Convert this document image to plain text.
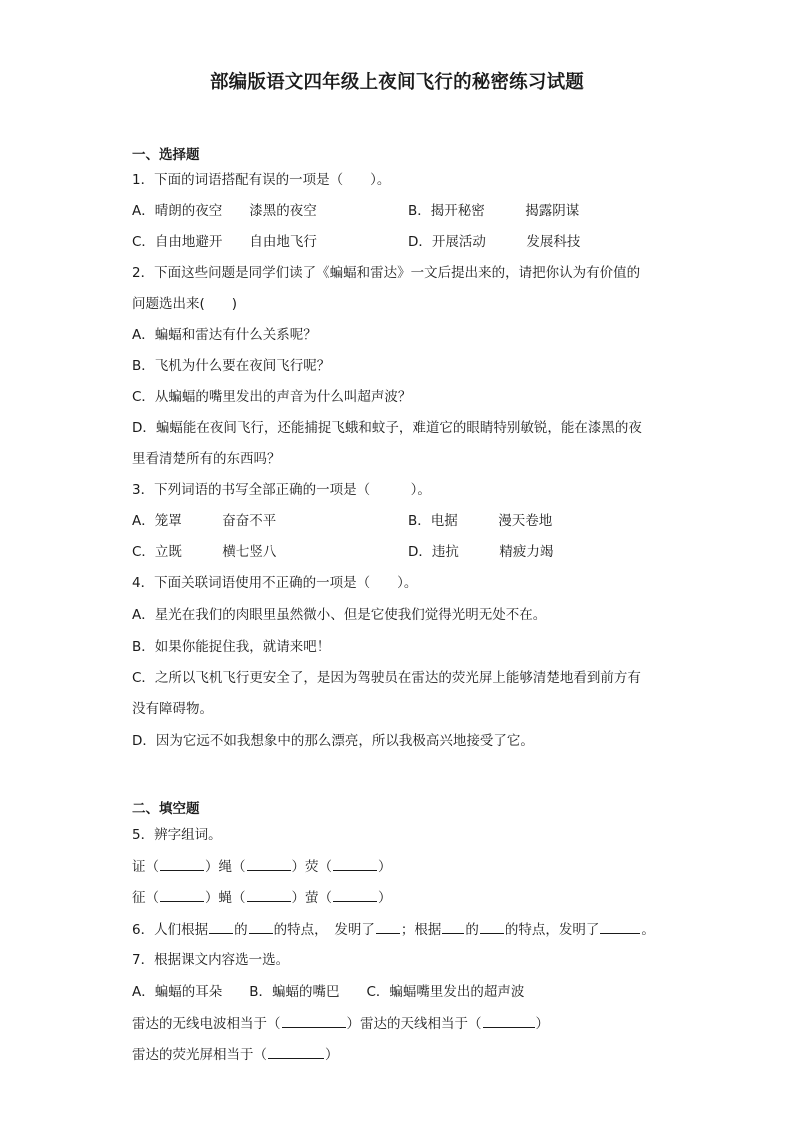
部编版语文四年级上夜间飞行的秘密练习试题
一、选择题
1．下面的词语搭配有误的一项是（　　）。
A．晴朗的夜空　　漆黑的夜空	B．揭开秘密　　　揭露阴谋
C．自由地避开　　自由地飞行	D．开展活动　　　发展科技
2．下面这些问题是同学们读了《蝙蝠和雷达》一文后提出来的，请把你认为有价值的
问题选出来(　　)
A．蝙蝠和雷达有什么关系呢？
B．飞机为什么要在夜间飞行呢？
C．从蝙蝠的嘴里发出的声音为什么叫超声波？
D．蝙蝠能在夜间飞行，还能捕捉飞蛾和蚊子，难道它的眼睛特别敏锐，能在漆黑的夜
里看清楚所有的东西吗？
3．下列词语的书写全部正确的一项是（　　　）。
A．笼罩　　　奋奋不平	B．电据　　　漫天卷地
C．立既　　　横七竖八	D．违抗　　　精疲力竭
4．下面关联词语使用不正确的一项是（　　）。
A．星光在我们的肉眼里虽然微小、但是它使我们觉得光明无处不在。
B．如果你能捉住我，就请来吧！
C．之所以飞机飞行更安全了，是因为驾驶员在雷达的荧光屏上能够清楚地看到前方有
没有障碍物。
D．因为它远不如我想象中的那么漂亮，所以我极高兴地接受了它。
二、填空题
5．辨字组词。
证（	）绳（	）荧（	）
征（	）蝇（	）萤（	）
6．人们根据 的 的特点，　发明了 ；根据 的 的特点，发明了	。
7．根据课文内容选一选。
A．蝙蝠的耳朵　　B．蝙蝠的嘴巴　　C．蝙蝠嘴里发出的超声波
雷达的无线电波相当于（	）雷达的天线相当于（	）
雷达的荧光屏相当于（	）
